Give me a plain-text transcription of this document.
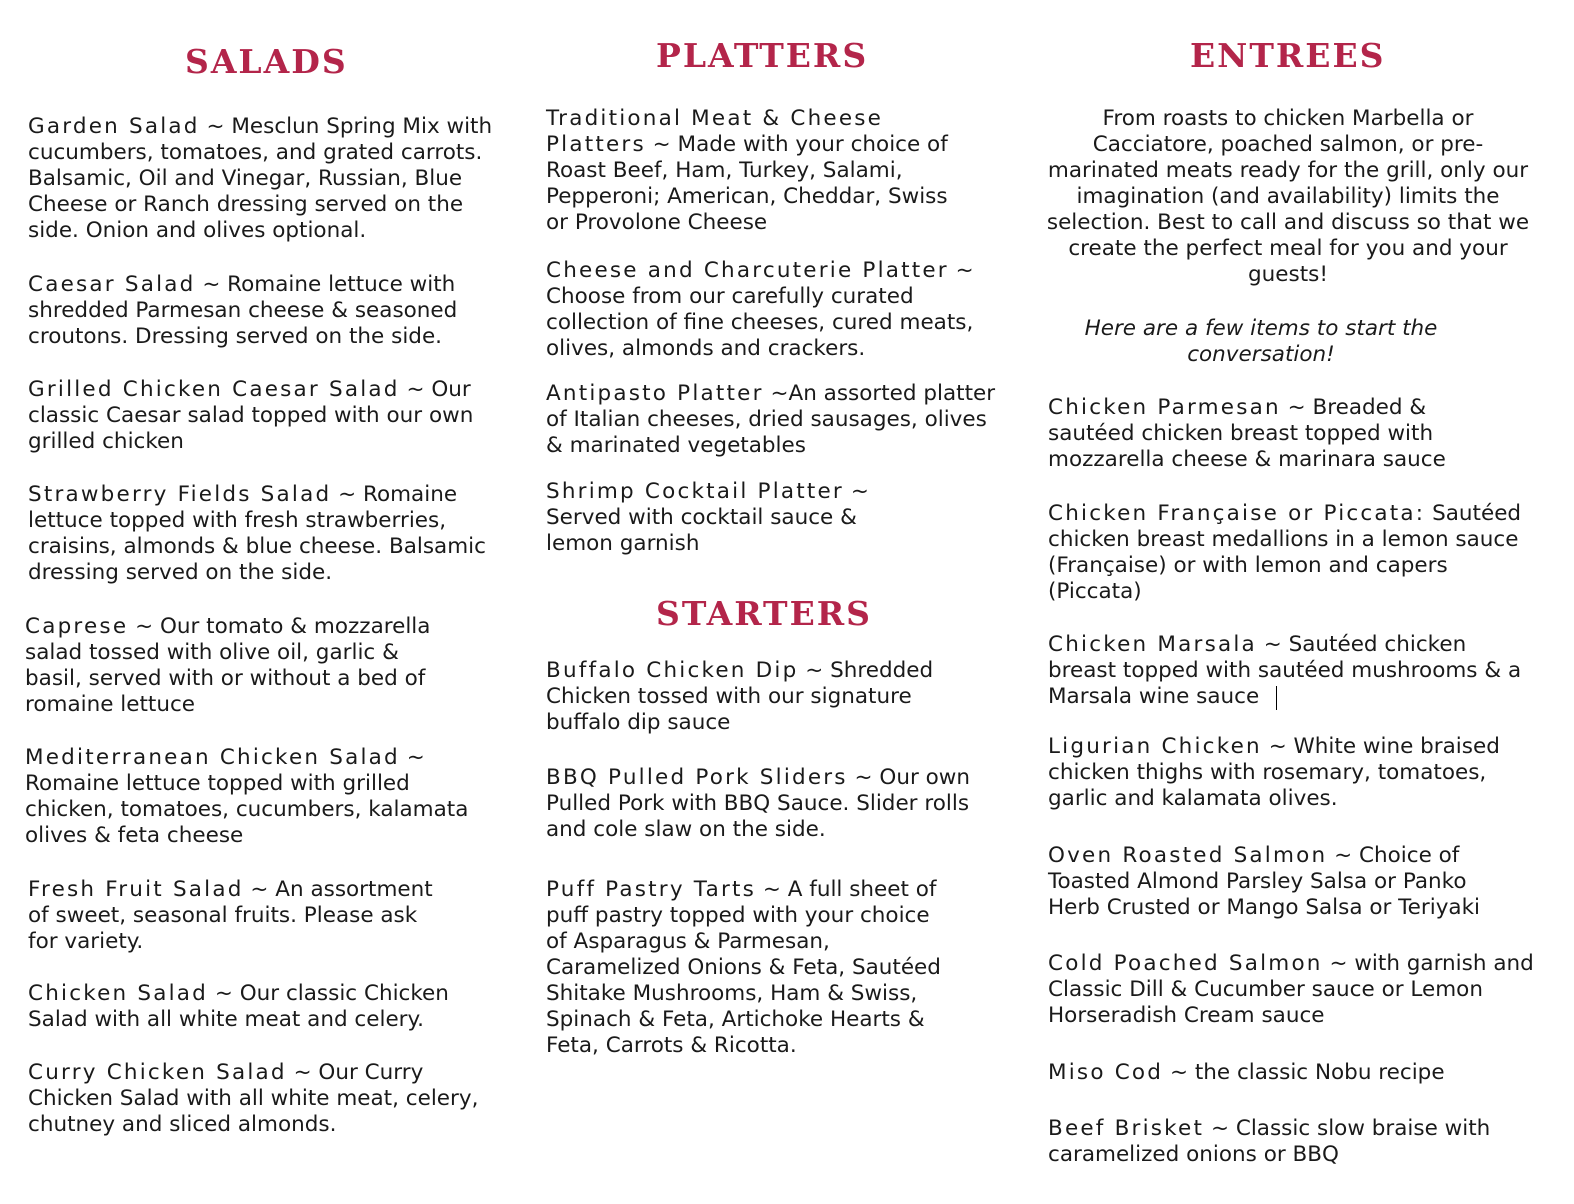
SALADS

Garden Salad ~ Mesclun Spring Mix with cucumbers, tomatoes, and grated carrots. Balsamic, Oil and Vinegar, Russian, Blue Cheese or Ranch dressing served on the side. Onion and olives optional.

Caesar Salad ~ Romaine lettuce with shredded Parmesan cheese & seasoned croutons. Dressing served on the side.

Grilled Chicken Caesar Salad ~ Our classic Caesar salad topped with our own grilled chicken

Strawberry Fields Salad ~ Romaine lettuce topped with fresh strawberries, craisins, almonds & blue cheese. Balsamic dressing served on the side.

Caprese ~ Our tomato & mozzarella salad tossed with olive oil, garlic & basil, served with or without a bed of romaine lettuce

Mediterranean Chicken Salad ~ Romaine lettuce topped with grilled chicken, tomatoes, cucumbers, kalamata olives & feta cheese

Fresh Fruit Salad ~ An assortment of sweet, seasonal fruits. Please ask for variety.

Chicken Salad ~ Our classic Chicken Salad with all white meat and celery.

Curry Chicken Salad ~ Our Curry Chicken Salad with all white meat, celery, chutney and sliced almonds.

PLATTERS

Traditional Meat & Cheese Platters ~ Made with your choice of Roast Beef, Ham, Turkey, Salami, Pepperoni; American, Cheddar, Swiss or Provolone Cheese

Cheese and Charcuterie Platter ~ Choose from our carefully curated collection of fine cheeses, cured meats, olives, almonds and crackers.

Antipasto Platter ~An assorted platter of Italian cheeses, dried sausages, olives & marinated vegetables

Shrimp Cocktail Platter ~ Served with cocktail sauce & lemon garnish

STARTERS

Buffalo Chicken Dip ~ Shredded Chicken tossed with our signature buffalo dip sauce

BBQ Pulled Pork Sliders ~ Our own Pulled Pork with BBQ Sauce. Slider rolls and cole slaw on the side.

Puff Pastry Tarts ~ A full sheet of puff pastry topped with your choice of Asparagus & Parmesan, Caramelized Onions & Feta, Sautéed Shitake Mushrooms, Ham & Swiss, Spinach & Feta, Artichoke Hearts & Feta, Carrots & Ricotta.

ENTREES

From roasts to chicken Marbella or Cacciatore, poached salmon, or pre-marinated meats ready for the grill, only our imagination (and availability) limits the selection. Best to call and discuss so that we create the perfect meal for you and your guests!

Here are a few items to start the conversation!

Chicken Parmesan ~ Breaded & sautéed chicken breast topped with mozzarella cheese & marinara sauce

Chicken Française or Piccata: Sautéed chicken breast medallions in a lemon sauce (Française) or with lemon and capers (Piccata)

Chicken Marsala ~ Sautéed chicken breast topped with sautéed mushrooms & a Marsala wine sauce

Ligurian Chicken ~ White wine braised chicken thighs with rosemary, tomatoes, garlic and kalamata olives.

Oven Roasted Salmon ~ Choice of Toasted Almond Parsley Salsa or Panko Herb Crusted or Mango Salsa or Teriyaki

Cold Poached Salmon ~ with garnish and Classic Dill & Cucumber sauce or Lemon Horseradish Cream sauce

Miso Cod ~ the classic Nobu recipe

Beef Brisket ~ Classic slow braise with caramelized onions or BBQ
